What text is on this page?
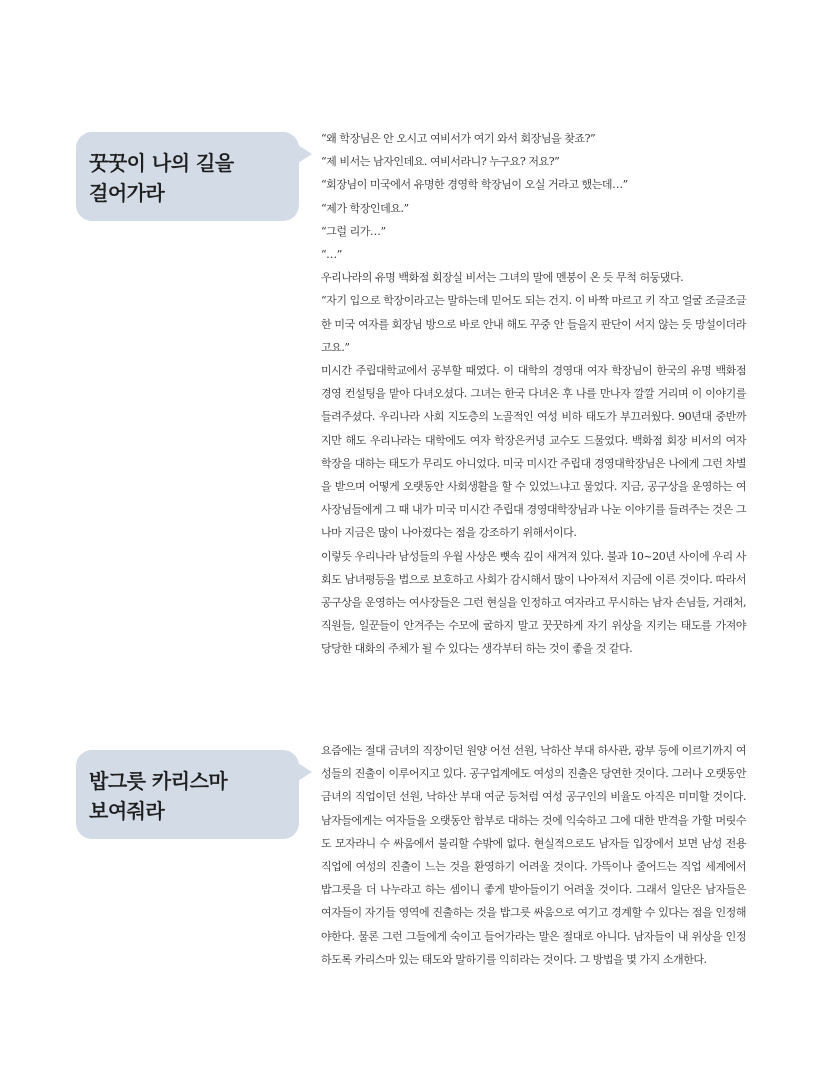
꿋꿋이 나의 길을
걸어가라
“왜 학장님은 안 오시고 여비서가 여기 와서 회장님을 찾죠?”
“제 비서는 남자인데요. 여비서라니? 누구요? 저요?”
“회장님이 미국에서 유명한 경영학 학장님이 오실 거라고 했는데…”
“제가 학장인데요.”
“그럴 리가…”
“…”
우리나라의 유명 백화점 회장실 비서는 그녀의 말에 멘붕이 온 듯 무척 허둥댔다.
“자기 입으로 학장이라고는 말하는데 믿어도 되는 건지. 이 바짝 마르고 키 작고 얼굴 조글조글한 미국 여자를 회장님 방으로 바로 안내 해도 꾸중 안 들을지 판단이 서지 않는 듯 망설이더라고요.”
미시간 주립대학교에서 공부할 때였다. 이 대학의 경영대 여자 학장님이 한국의 유명 백화점 경영 컨설팅을 맡아 다녀오셨다. 그녀는 한국 다녀온 후 나를 만나자 깔깔 거리며 이 이야기를 들려주셨다. 우리나라 사회 지도층의 노골적인 여성 비하 태도가 부끄러웠다. 90년대 중반까지만 해도 우리나라는 대학에도 여자 학장은커녕 교수도 드물었다. 백화점 회장 비서의 여자 학장을 대하는 태도가 무리도 아니었다. 미국 미시간 주립대 경영대학장님은 나에게 그런 차별을 받으며 어떻게 오랫동안 사회생활을 할 수 있었느냐고 물었다. 지금, 공구상을 운영하는 여사장님들에게 그 때 내가 미국 미시간 주립대 경영대학장님과 나눈 이야기를 들려주는 것은 그나마 지금은 많이 나아졌다는 점을 강조하기 위해서이다.
이렇듯 우리나라 남성들의 우월 사상은 뼛속 깊이 새겨져 있다. 불과 10~20년 사이에 우리 사회도 남녀평등을 법으로 보호하고 사회가 감시해서 많이 나아져서 지금에 이른 것이다. 따라서 공구상을 운영하는 여사장들은 그런 현실을 인정하고 여자라고 무시하는 남자 손님들, 거래처, 직원들, 일꾼들이 안겨주는 수모에 굴하지 말고 꿋꿋하게 자기 위상을 지키는 태도를 가져야 당당한 대화의 주체가 될 수 있다는 생각부터 하는 것이 좋을 것 같다.
밥그릇 카리스마
보여줘라
요즘에는 절대 금녀의 직장이던 원양 어선 선원, 낙하산 부대 하사관, 광부 등에 이르기까지 여성들의 진출이 이루어지고 있다. 공구업계에도 여성의 진출은 당연한 것이다. 그러나 오랫동안 금녀의 직업이던 선원, 낙하산 부대 여군 등처럼 여성 공구인의 비율도 아직은 미미할 것이다. 남자들에게는 여자들을 오랫동안 함부로 대하는 것에 익숙하고 그에 대한 반격을 가할 머릿수도 모자라니 수 싸움에서 불리할 수밖에 없다. 현실적으로도 남자들 입장에서 보면 남성 전용 직업에 여성의 진출이 느는 것을 환영하기 어려울 것이다. 가뜩이나 줄어드는 직업 세계에서 밥그릇을 더 나누라고 하는 셈이니 좋게 받아들이기 어려울 것이다. 그래서 일단은 남자들은 여자들이 자기들 영역에 진출하는 것을 밥그릇 싸움으로 여기고 경계할 수 있다는 점을 인정해야한다. 물론 그런 그들에게 숙이고 들어가라는 말은 절대로 아니다. 남자들이 내 위상을 인정하도록 카리스마 있는 태도와 말하기를 익히라는 것이다. 그 방법을 몇 가지 소개한다.
